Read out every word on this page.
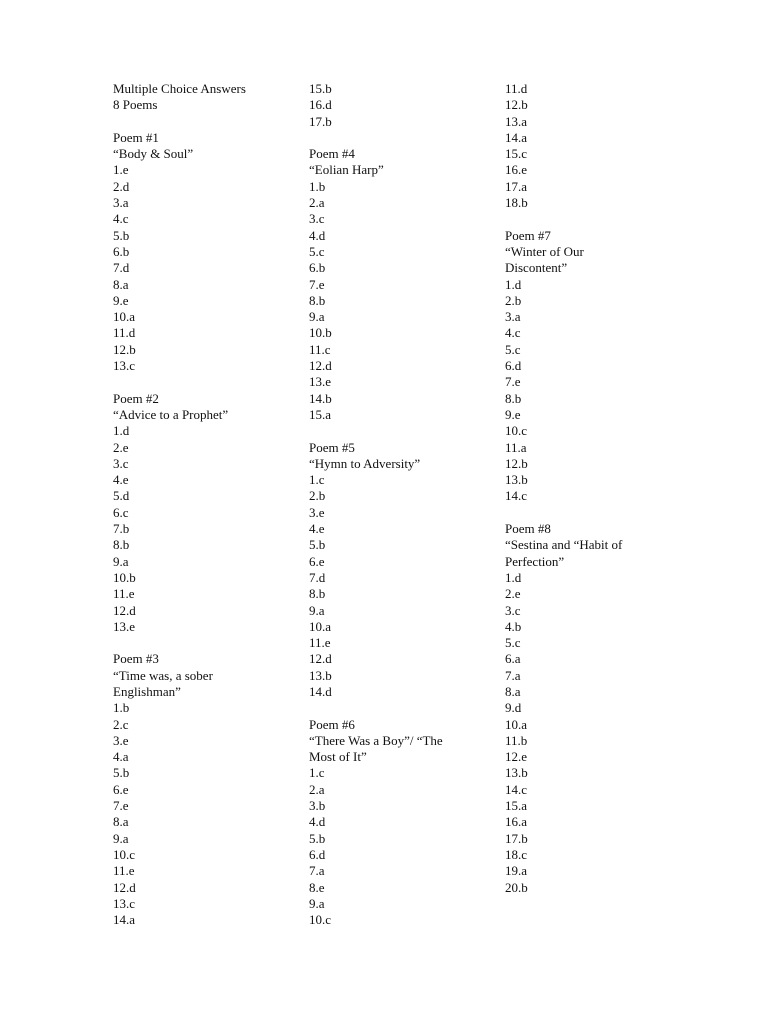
Multiple Choice Answers
8 Poems
Poem #1
“Body & Soul”
1.e
2.d
3.a
4.c
5.b
6.b
7.d
8.a
9.e
10.a
11.d
12.b
13.c
Poem #2
“Advice to a Prophet”
1.d
2.e
3.c
4.e
5.d
6.c
7.b
8.b
9.a
10.b
11.e
12.d
13.e
Poem #3
“Time was, a sober
Englishman”
1.b
2.c
3.e
4.a
5.b
6.e
7.e
8.a
9.a
10.c
11.e
12.d
13.c
14.a
15.b
16.d
17.b
Poem #4
“Eolian Harp”
1.b
2.a
3.c
4.d
5.c
6.b
7.e
8.b
9.a
10.b
11.c
12.d
13.e
14.b
15.a
Poem #5
“Hymn to Adversity”
1.c
2.b
3.e
4.e
5.b
6.e
7.d
8.b
9.a
10.a
11.e
12.d
13.b
14.d
Poem #6
“There Was a Boy”/ “The
Most of It”
1.c
2.a
3.b
4.d
5.b
6.d
7.a
8.e
9.a
10.c
11.d
12.b
13.a
14.a
15.c
16.e
17.a
18.b
Poem #7
“Winter of Our
Discontent”
1.d
2.b
3.a
4.c
5.c
6.d
7.e
8.b
9.e
10.c
11.a
12.b
13.b
14.c
Poem #8
“Sestina and “Habit of
Perfection”
1.d
2.e
3.c
4.b
5.c
6.a
7.a
8.a
9.d
10.a
11.b
12.e
13.b
14.c
15.a
16.a
17.b
18.c
19.a
20.b
